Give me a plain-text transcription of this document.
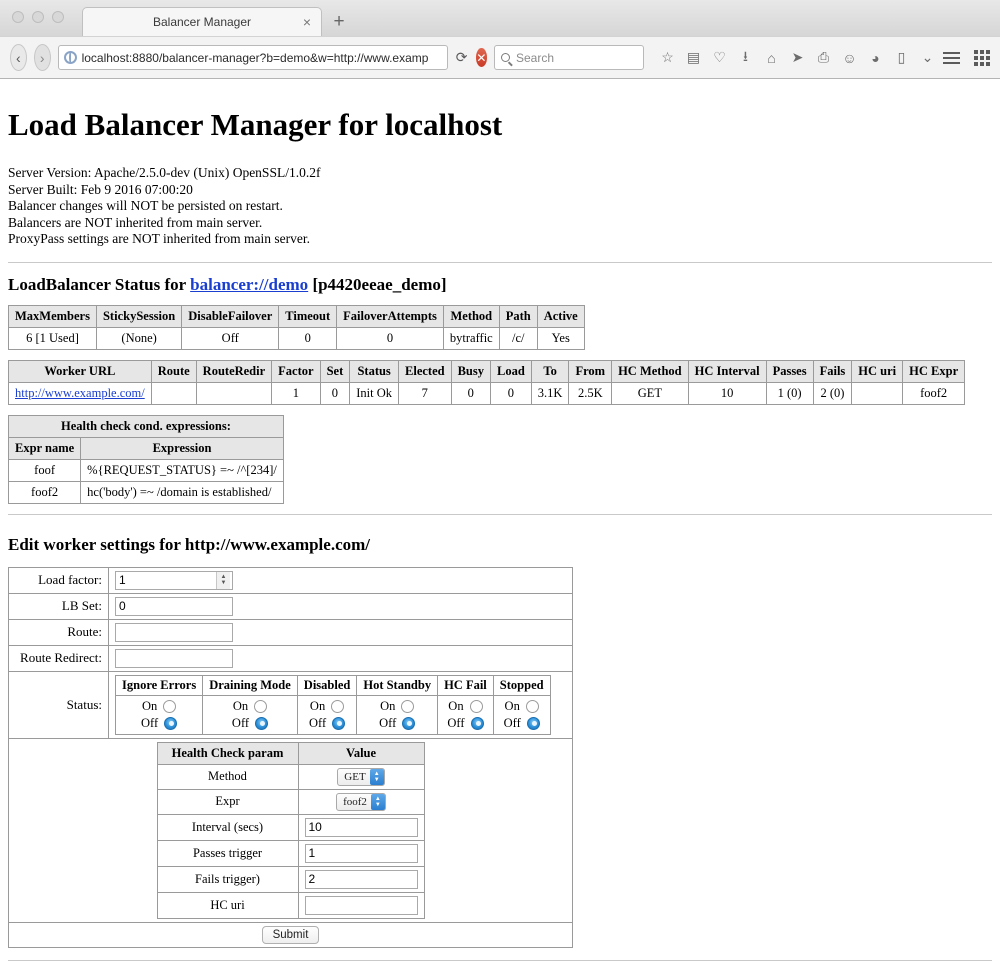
Balancer Manager	×	+
‹	›	localhost:8880/balancer-manager?b=demo&w=http://www.examp ⟳ ✕ Search	☆ ▤ ♡	⭳	⌂	➤ ⎙ ☺	◕	▯	⌄
Load Balancer Manager for localhost
Server Version: Apache/2.5.0-dev (Unix) OpenSSL/1.0.2f
Server Built: Feb 9 2016 07:00:20
Balancer changes will NOT be persisted on restart.
Balancers are NOT inherited from main server.
ProxyPass settings are NOT inherited from main server.
LoadBalancer Status for balancer://demo [p4420eeae_demo]
MaxMembers	StickySession	DisableFailover	Timeout	FailoverAttempts	Method	Path	Active
6 [1 Used]	(None)	Off	0	0	bytraffic	/c/	Yes
Worker URL	Route	RouteRedir	Factor	Set	Status	Elected	Busy	Load	To	From	HC Method	HC Interval	Passes	Fails	HC uri	HC Expr
http://www.example.com/			1	0	Init Ok	7	0	0	3.1K	2.5K	GET	10	1 (0)	2 (0)		foof2
Health check cond. expressions:	
Expr name	Expression
foof	%{REQUEST_STATUS} =~ /^[234]/
foof2	hc('body') =~ /domain is established/
Edit worker settings for http://www.example.com/
Load factor:	
1▲
▼

LB Set:	0
Route:	
Route Redirect:	
Status:	
Ignore Errors	Draining Mode	Disabled	Hot Standby	HC Fail	Stopped

On
Off

On
Off

On
Off

On
Off

On
Off

On
Off

Health Check param	Value
Method	GET	▲
▼

Expr	foof2	▲
▼

Interval (secs)	10
Passes trigger	1
Fails trigger)	2
HC uri	

Submit
